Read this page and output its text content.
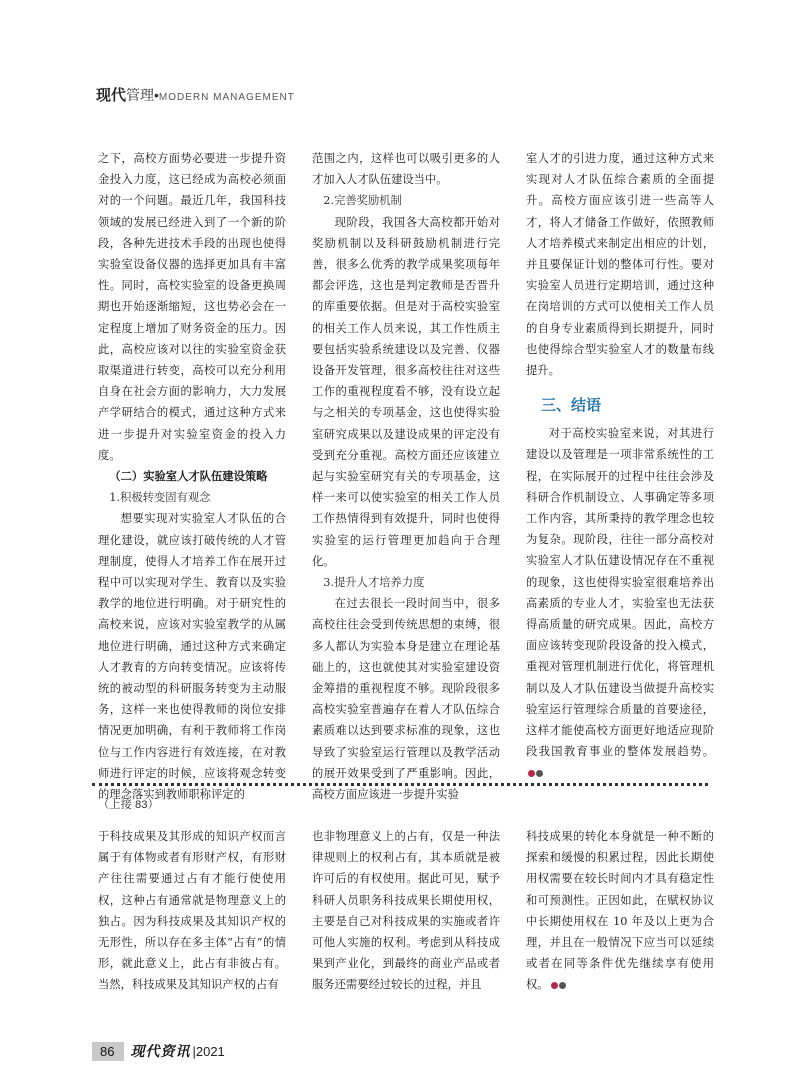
现代管理•MODERN MANAGEMENT

之下，高校方面势必要进一步提升资金投入力度，这已经成为高校必须面对的一个问题。最近几年，我国科技领域的发展已经进入到了一个新的阶段，各种先进技术手段的出现也使得实验室设备仪器的选择更加具有丰富性。同时，高校实验室的设备更换周期也开始逐渐缩短，这也势必会在一定程度上增加了财务资金的压力。因此，高校应该对以往的实验室资金获取渠道进行转变，高校可以充分利用自身在社会方面的影响力，大力发展产学研结合的模式，通过这种方式来进一步提升对实验室资金的投入力度。

（二）实验室人才队伍建设策略

1.积极转变固有观念

想要实现对实验室人才队伍的合理化建设，就应该打破传统的人才管理制度，使得人才培养工作在展开过程中可以实现对学生、教育以及实验教学的地位进行明确。对于研究性的高校来说，应该对实验室教学的从属地位进行明确，通过这种方式来确定人才教育的方向转变情况。应该将传统的被动型的科研服务转变为主动服务，这样一来也使得教师的岗位安排情况更加明确，有利于教师将工作岗位与工作内容进行有效连接，在对教师进行评定的时候，应该将观念转变的理念落实到教师职称评定的

范围之内，这样也可以吸引更多的人才加入人才队伍建设当中。

2.完善奖励机制

现阶段，我国各大高校都开始对奖励机制以及科研鼓励机制进行完善，很多么优秀的教学成果奖项每年都会评选，这也是判定教师是否晋升的库重要依据。但是对于高校实验室的相关工作人员来说，其工作性质主要包括实验系统建设以及完善、仪器设备开发管理，很多高校往往对这些工作的重视程度看不够，没有设立起与之相关的专项基金，这也使得实验室研究成果以及建设成果的评定没有受到充分重视。高校方面还应该建立起与实验室研究有关的专项基金，这样一来可以使实验室的相关工作人员工作热情得到有效提升，同时也使得实验室的运行管理更加趋向于合理化。

3.提升人才培养力度

在过去很长一段时间当中，很多高校往往会受到传统思想的束缚，很多人都认为实验本身是建立在理论基础上的，这也就使其对实验室建设资金筹措的重视程度不够。现阶段很多高校实验室普遍存在着人才队伍综合素质难以达到要求标准的现象，这也导致了实验室运行管理以及教学活动的展开效果受到了严重影响。因此，高校方面应该进一步提升实验

室人才的引进力度，通过这种方式来实现对人才队伍综合素质的全面提升。高校方面应该引进一些高等人才，将人才储备工作做好，依照教师人才培养模式来制定出相应的计划，并且要保证计划的整体可行性。要对实验室人员进行定期培训，通过这种在岗培训的方式可以使相关工作人员的自身专业素质得到长期提升，同时也使得综合型实验室人才的数量布线提升。

三、结语

对于高校实验室来说，对其进行建设以及管理是一项非常系统性的工程，在实际展开的过程中往往会涉及科研合作机制设立、人事确定等多项工作内容，其所秉持的教学理念也较为复杂。现阶段，往往一部分高校对实验室人才队伍建设情况存在不重视的现象，这也使得实验室很难培养出高素质的专业人才，实验室也无法获得高质量的研究成果。因此，高校方面应该转变现阶段设备的投入模式，重视对管理机制进行优化，将管理机制以及人才队伍建设当做提升高校实验室运行管理综合质量的首要途径，这样才能使高校方面更好地适应现阶段我国教育事业的整体发展趋势。

（上接 83）

于科技成果及其形成的知识产权而言属于有体物或者有形财产权，有形财产往往需要通过占有才能行使使用权，这种占有通常就是物理意义上的独占。因为科技成果及其知识产权的无形性，所以存在多主体“占有”的情形，就此意义上，此占有非彼占有。当然，科技成果及其知识产权的占有

也非物理意义上的占有，仅是一种法律规则上的权利占有，其本质就是被许可后的有权使用。据此可见，赋予科研人员职务科技成果长期使用权，主要是自己对科技成果的实施或者许可他人实施的权利。考虑到从科技成果到产业化，到最终的商业产品或者服务还需要经过较长的过程，并且

科技成果的转化本身就是一种不断的探索和缓慢的积累过程，因此长期使用权需要在较长时间内才具有稳定性和可预测性。正因如此，在赋权协议中长期使用权在 10 年及以上更为合理，并且在一般情况下应当可以延续或者在同等条件优先继续享有使用权。

86	现代资讯 |2021
